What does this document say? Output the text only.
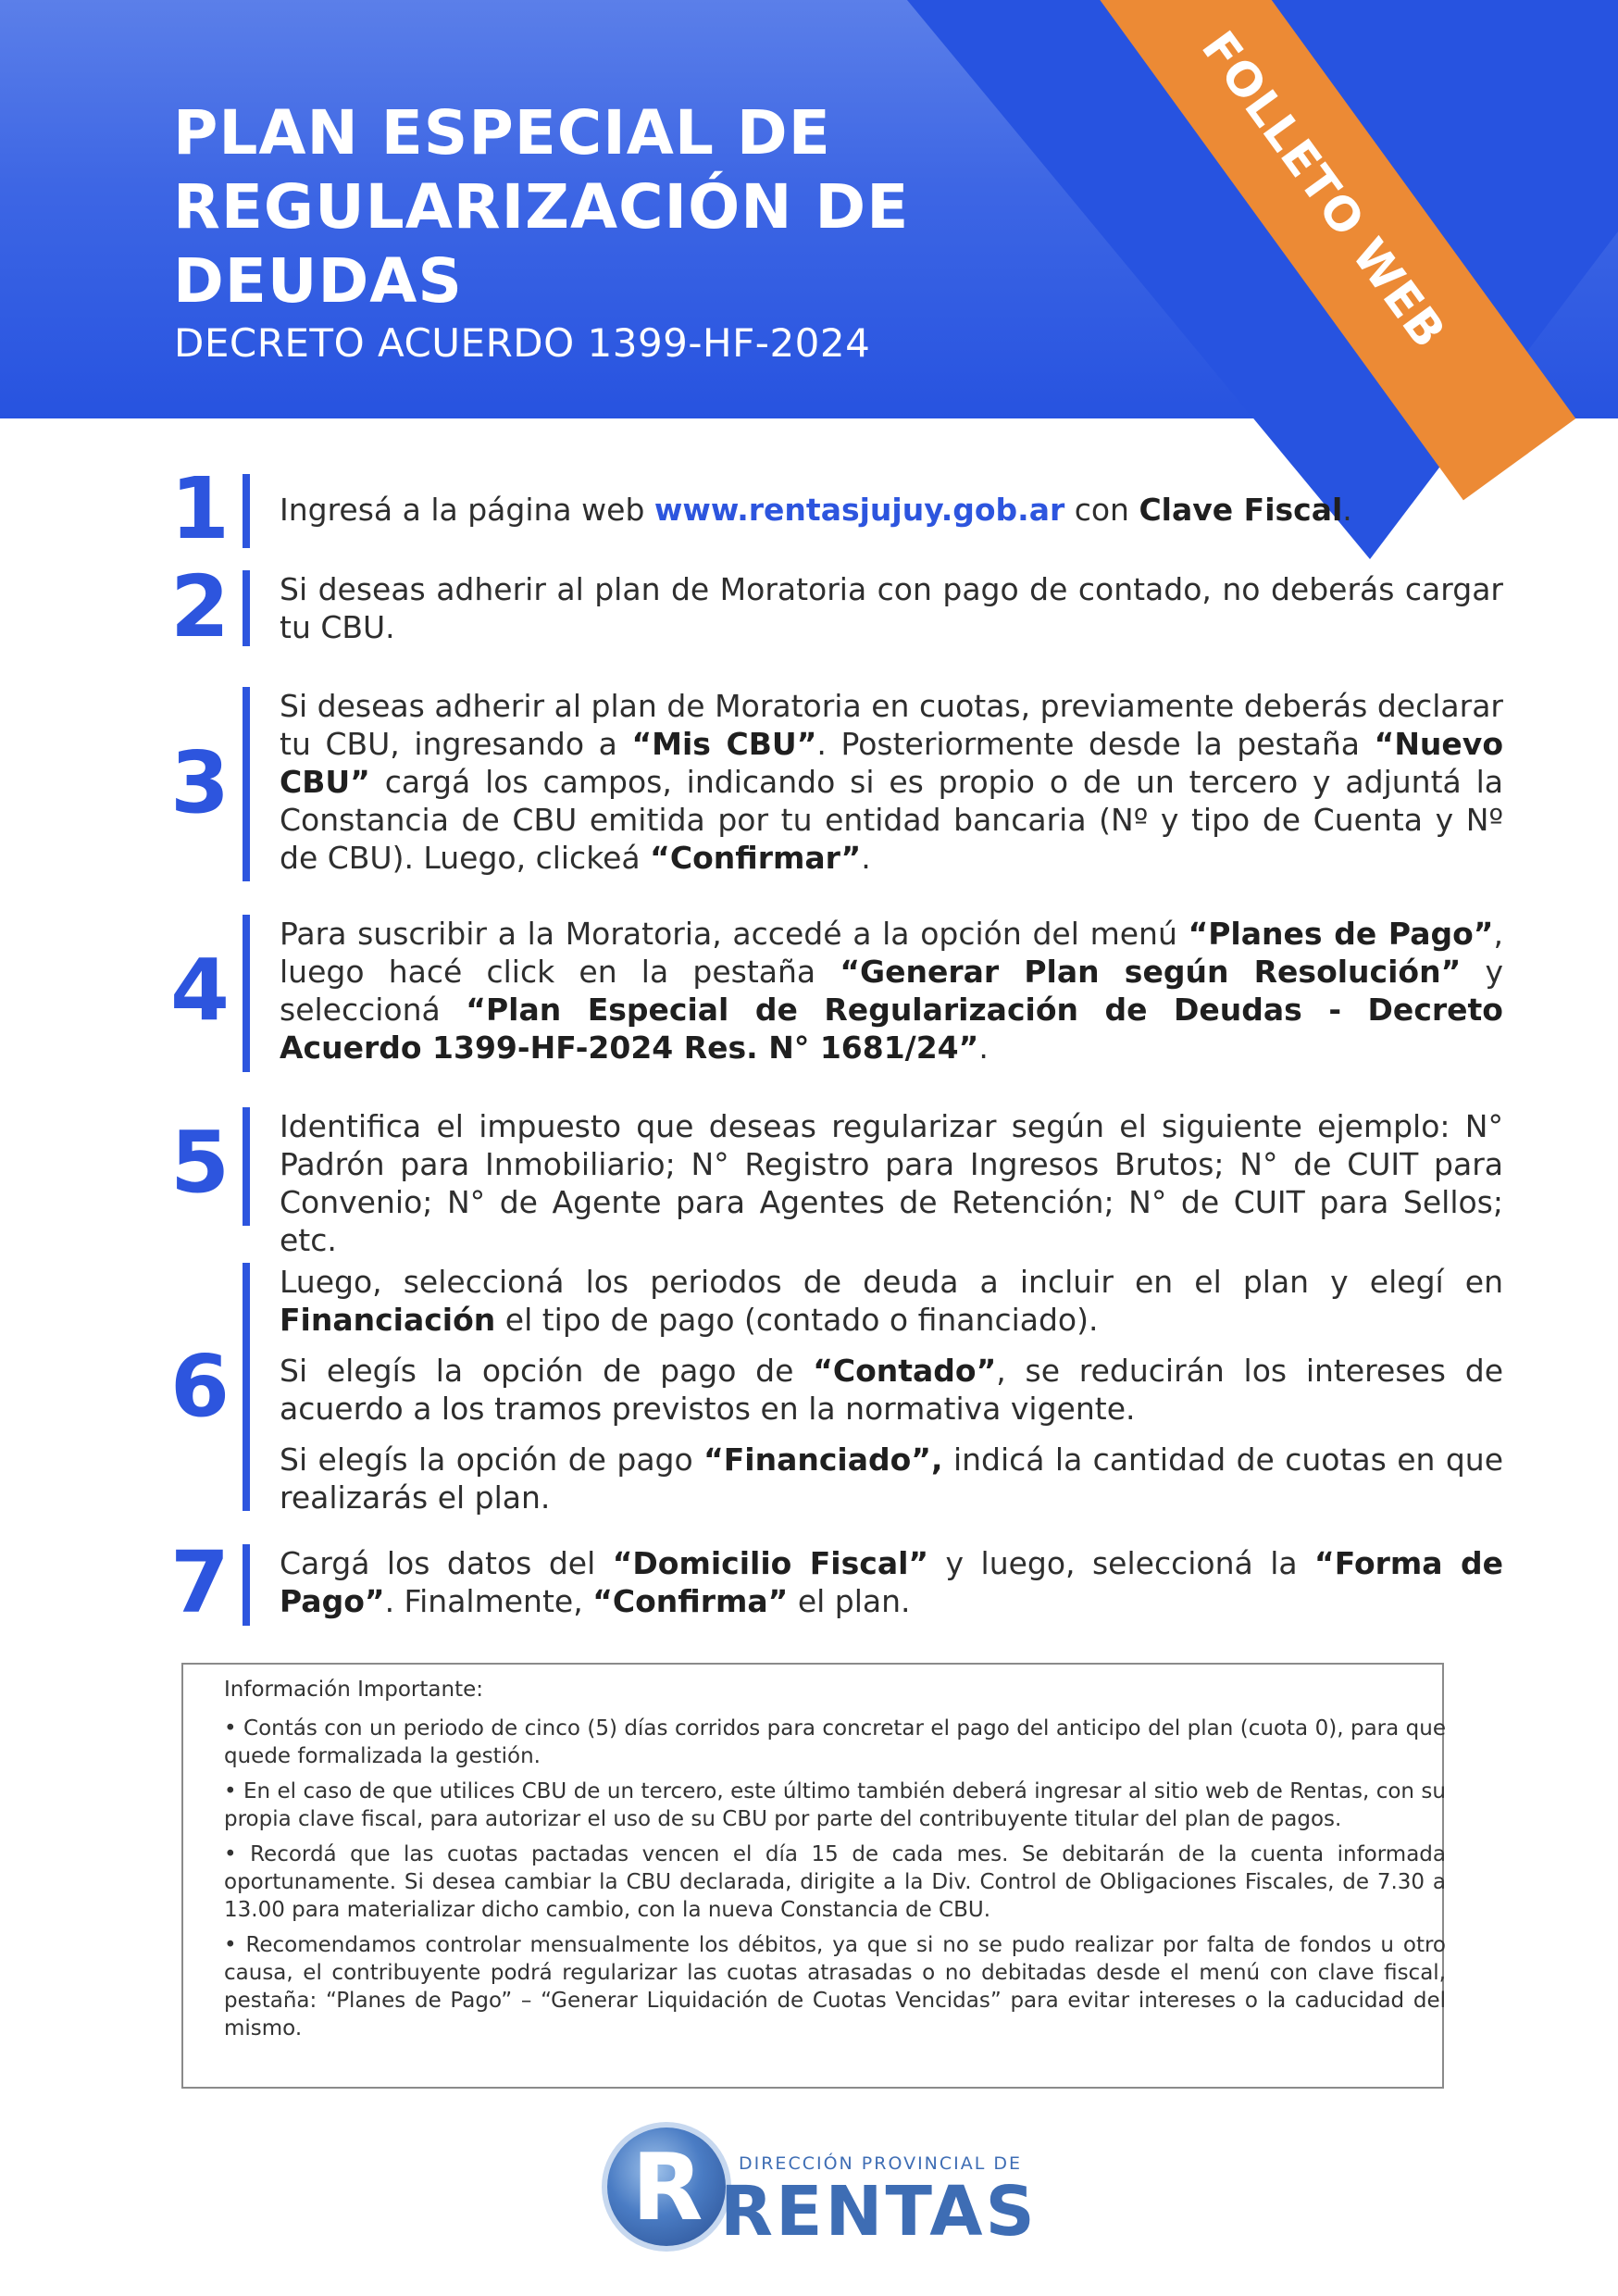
PLAN ESPECIAL DE
REGULARIZACIÓN DE
DEUDAS
DECRETO ACUERDO 1399-HF-2024	FOLLETO WEB
1 Ingresá a la página web www.rentasjujuy.gob.ar con Clave Fiscal.

2 Si deseas adherir al plan de Moratoria con pago de contado, no deberás cargar tu CBU.

3

Si deseas adherir al plan de Moratoria en cuotas, previamente deberás declarar tu CBU, ingresando a “Mis CBU”. Posteriormente desde la pestaña “Nuevo CBU” cargá los campos, indicando si es propio o de un tercero y adjuntá la Constancia de CBU emitida por tu entidad bancaria (Nº y tipo de Cuenta y Nº de CBU). Luego, clickeá “Confirmar”.

4

Para suscribir a la Moratoria, accedé a la opción del menú “Planes de Pago”, luego hacé click en la pestaña “Generar Plan según Resolución” y seleccioná “Plan Especial de Regularización de Deudas - Decreto Acuerdo 1399-HF-2024 Res. N° 1681/24”.

5 Identifica el impuesto que deseas regularizar según el siguiente ejemplo: N° Padrón para Inmobiliario; N° Registro para Ingresos Brutos; N° de CUIT para Convenio; N° de Agente para Agentes de Retención; N° de CUIT para Sellos; etc.

6

Luego, seleccioná los periodos de deuda a incluir en el plan y elegí en Financiación el tipo de pago (contado o financiado).

Si elegís la opción de pago de “Contado”, se reducirán los intereses de acuerdo a los tramos previstos en la normativa vigente.

Si elegís la opción de pago “Financiado”, indicá la cantidad de cuotas en que realizarás el plan.

7 Cargá los datos del “Domicilio Fiscal” y luego, seleccioná la “Forma de Pago”. Finalmente, “Confirma” el plan.

Información Importante:

• Contás con un periodo de cinco (5) días corridos para concretar el pago del anticipo del plan (cuota 0), para que quede formalizada la gestión.

• En el caso de que utilices CBU de un tercero, este último también deberá ingresar al sitio web de Rentas, con su propia clave fiscal, para autorizar el uso de su CBU por parte del contribuyente titular del plan de pagos.

• Recordá que las cuotas pactadas vencen el día 15 de cada mes. Se debitarán de la cuenta informada oportunamente. Si desea cambiar la CBU declarada, dirigite a la Div. Control de Obligaciones Fiscales, de 7.30 a 13.00 para materializar dicho cambio, con la nueva Constancia de CBU.

• Recomendamos controlar mensualmente los débitos, ya que si no se pudo realizar por falta de fondos u otro causa, el contribuyente podrá regularizar las cuotas atrasadas o no debitadas desde el menú con clave fiscal, pestaña: “Planes de Pago” – “Generar Liquidación de Cuotas Vencidas” para evitar intereses o la caducidad del mismo.

R	DIRECCIÓN PROVINCIAL DE
RENTAS
